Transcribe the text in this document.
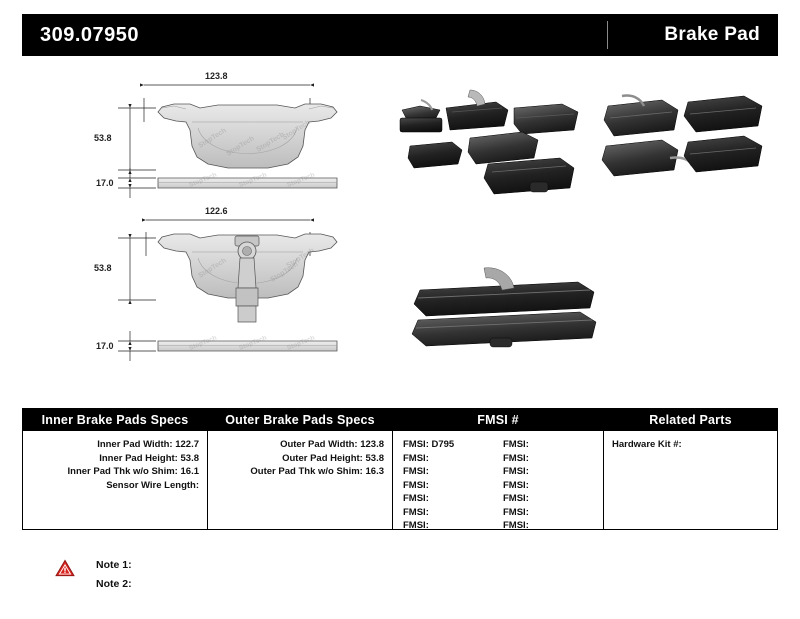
309.07950	Brake Pad
StopTech
StopTech StopTech
StopTech
StopTech	StopTech	StopTech
StopTech	StopTech
StopTech
StopTech	StopTech	StopTech
123.8
53.8
17.0
122.6
53.8
17.0
Inner Brake Pads Specs
Inner Pad Width: 122.7
Inner Pad Height: 53.8
Inner Pad Thk w/o Shim: 16.1
Sensor Wire Length:
Outer Brake Pads Specs
Outer Pad Width: 123.8
Outer Pad Height: 53.8
Outer Pad Thk w/o Shim: 16.3
FMSI #
FMSI: D795	FMSI:
FMSI:	FMSI:
FMSI:	FMSI:
FMSI:	FMSI:
FMSI:	FMSI:
FMSI:	FMSI:
FMSI:	FMSI:
Related Parts
Hardware Kit #:
Note 1:
Note 2:
